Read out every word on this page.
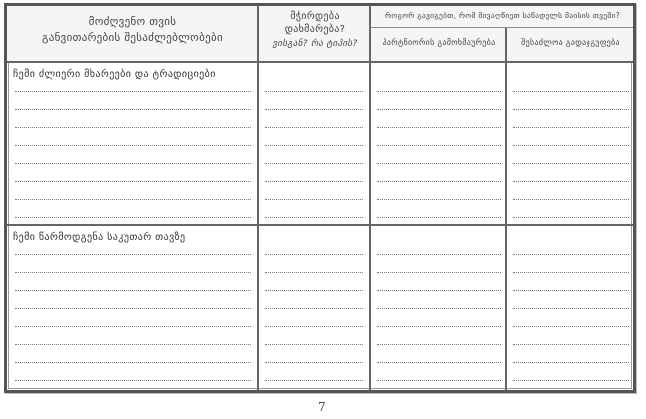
მოძღვენო თვის
განვითარების შესაძლებლობები
მჭირდება
დახმარება?
ვისგან? რა ტიპის?
როგორ გავიგებთ, რომ მივაღწიეთ საწადელს მაისის თვეში?
პარტნიორის გამოხმაურება	შესაძლოა გადაჯგუფება
ჩემი ძლიერი მხარეები და ტრადიციები
ჩემი წარმოდგენა საკუთარ თავზე
7
